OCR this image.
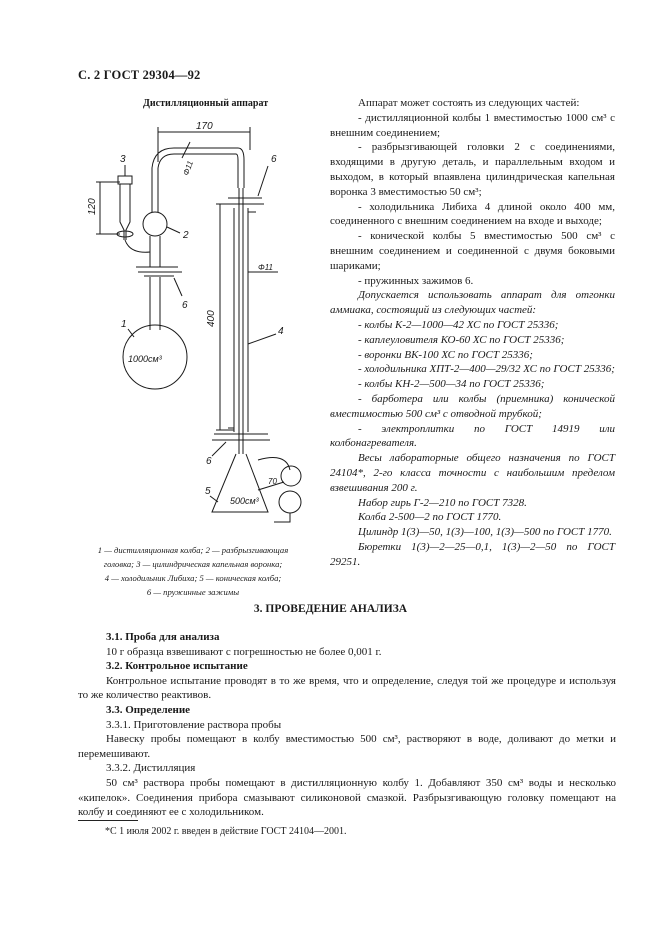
С. 2 ГОСТ 29304—92
Дистилляционный аппарат
170
120
3
2
Φ11
6
1000см³
1
6
Φ11
4
400
6
500см³
5
70
1 — дистилляционная колба; 2 — разбрызгивающая
головка; 3 — цилиндрическая капельная воронка;
4 — холодильник Либиха; 5 — коническая колба;
6 — пружинные зажимы

Аппарат может состоять из следующих частей:

- дистилляционной колбы 1 вместимостью 1000 см³ с внешним соединением;

- разбрызгивающей головки 2 с соединениями, входящими в другую деталь, и параллельным входом и выходом, в который впаявлена цилиндрическая капельная воронка 3 вместимостью 50 см³;

- холодильника Либиха 4 длиной около 400 мм, соединенного с внешним соединением на входе и выходе;

- конической колбы 5 вместимостью 500 см³ с внешним соединением и соединенной с двумя боковыми шариками;

- пружинных зажимов 6.

Допускается использовать аппарат для отгонки аммиака, состоящий из следующих частей:

- колбы К-2—1000—42 ХС по ГОСТ 25336;

- каплеуловителя КО-60 ХС по ГОСТ 25336;

- воронки ВК-100 ХС по ГОСТ 25336;

- холодильника ХПТ-2—400—29/32 ХС по ГОСТ 25336;

- колбы КН-2—500—34 по ГОСТ 25336;

- барботера или колбы (приемника) конической вместимостью 500 см³ с отводной трубкой;

- электроплитки по ГОСТ 14919 или колбонагревателя.

Весы лабораторные общего назначения по ГОСТ 24104*, 2-го класса точности с наибольшим пределом взвешивания 200 г.

Набор гирь Г-2—210 по ГОСТ 7328.

Колба 2-500—2 по ГОСТ 1770.

Цилиндр 1(3)—50, 1(3)—100, 1(3)—500 по ГОСТ 1770.

Бюретки 1(3)—2—25—0,1, 1(3)—2—50 по ГОСТ 29251.

3. ПРОВЕДЕНИЕ АНАЛИЗА

3.1. Проба для анализа

10 г образца взвешивают с погрешностью не более 0,001 г.

3.2. Контрольное испытание

Контрольное испытание проводят в то же время, что и определение, следуя той же процедуре и используя то же количество реактивов.

3.3. Определение

3.3.1. Приготовление раствора пробы

Навеску пробы помещают в колбу вместимостью 500 см³, растворяют в воде, доливают до метки и перемешивают.

3.3.2. Дистилляция

50 см³ раствора пробы помещают в дистилляционную колбу 1. Добавляют 350 см³ воды и несколько «кипелок». Соединения прибора смазывают силиконовой смазкой. Разбрызгивающую головку помещают на колбу и соединяют ее с холодильником.

*С 1 июля 2002 г. введен в действие ГОСТ 24104—2001.
